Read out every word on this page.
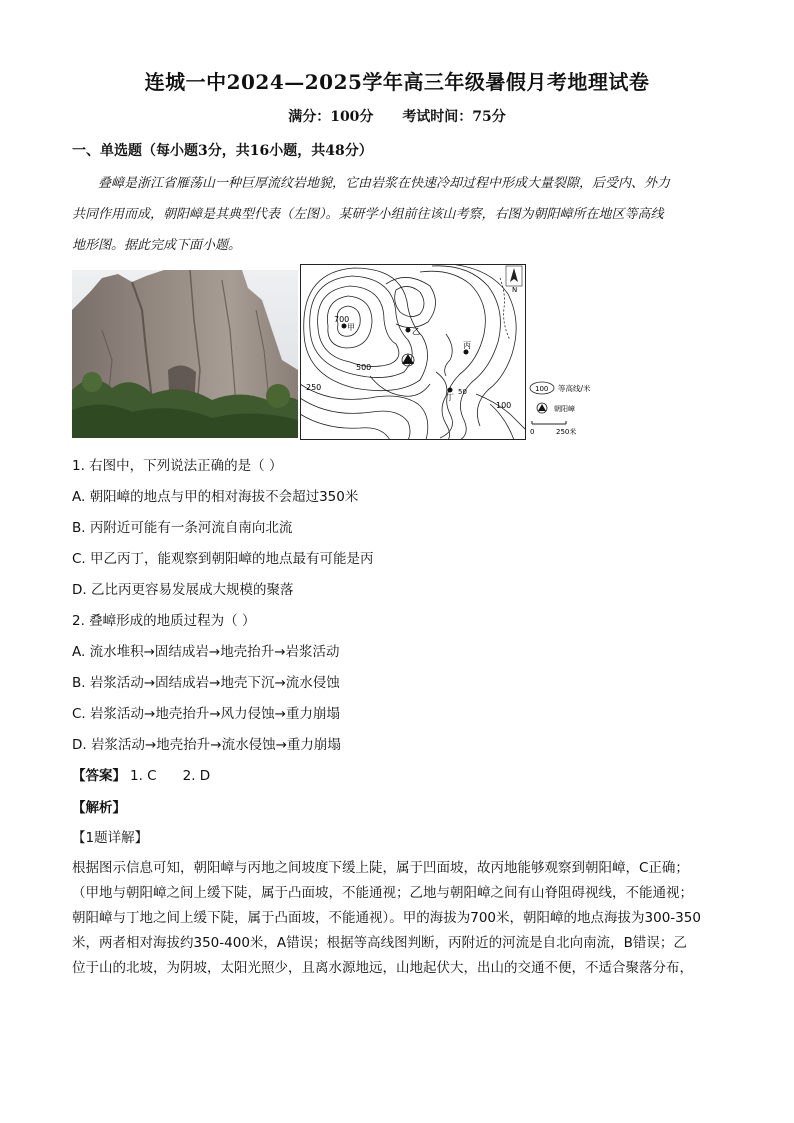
连城一中2024—2025学年高三年级暑假月考地理试卷
满分：100分 考试时间：75分
一、单选题（每小题3分，共16小题，共48分）
叠嶂是浙江省雁荡山一种巨厚流纹岩地貌，它由岩浆在快速冷却过程中形成大量裂隙，后受内、外力
共同作用而成，朝阳嶂是其典型代表（左图）。某研学小组前往该山考察，右图为朝阳嶂所在地区等高线
地形图。据此完成下面小题。
N
700
甲	乙
丙
丁
50
500
250
100
100 等高线/米
朝阳嶂
0	250米
1. 右图中，下列说法正确的是（ ）
A. 朝阳嶂的地点与甲的相对海拔不会超过350米
B. 丙附近可能有一条河流自南向北流
C. 甲乙丙丁，能观察到朝阳嶂的地点最有可能是丙
D. 乙比丙更容易发展成大规模的聚落
2. 叠嶂形成的地质过程为（ ）
A. 流水堆积→固结成岩→地壳抬升→岩浆活动
B. 岩浆活动→固结成岩→地壳下沉→流水侵蚀
C. 岩浆活动→地壳抬升→风力侵蚀→重力崩塌
D. 岩浆活动→地壳抬升→流水侵蚀→重力崩塌
【答案】 1. C 2. D
【解析】
【1题详解】
根据图示信息可知，朝阳嶂与丙地之间坡度下缓上陡，属于凹面坡，故丙地能够观察到朝阳嶂，C正确；
（甲地与朝阳嶂之间上缓下陡，属于凸面坡，不能通视；乙地与朝阳嶂之间有山脊阻碍视线，不能通视；
朝阳嶂与丁地之间上缓下陡，属于凸面坡，不能通视）。甲的海拔为700米，朝阳嶂的地点海拔为300-350
米，两者相对海拔约350-400米，A错误；根据等高线图判断，丙附近的河流是自北向南流，B错误；乙
位于山的北坡，为阴坡，太阳光照少，且离水源地远，山地起伏大，出山的交通不便，不适合聚落分布，
